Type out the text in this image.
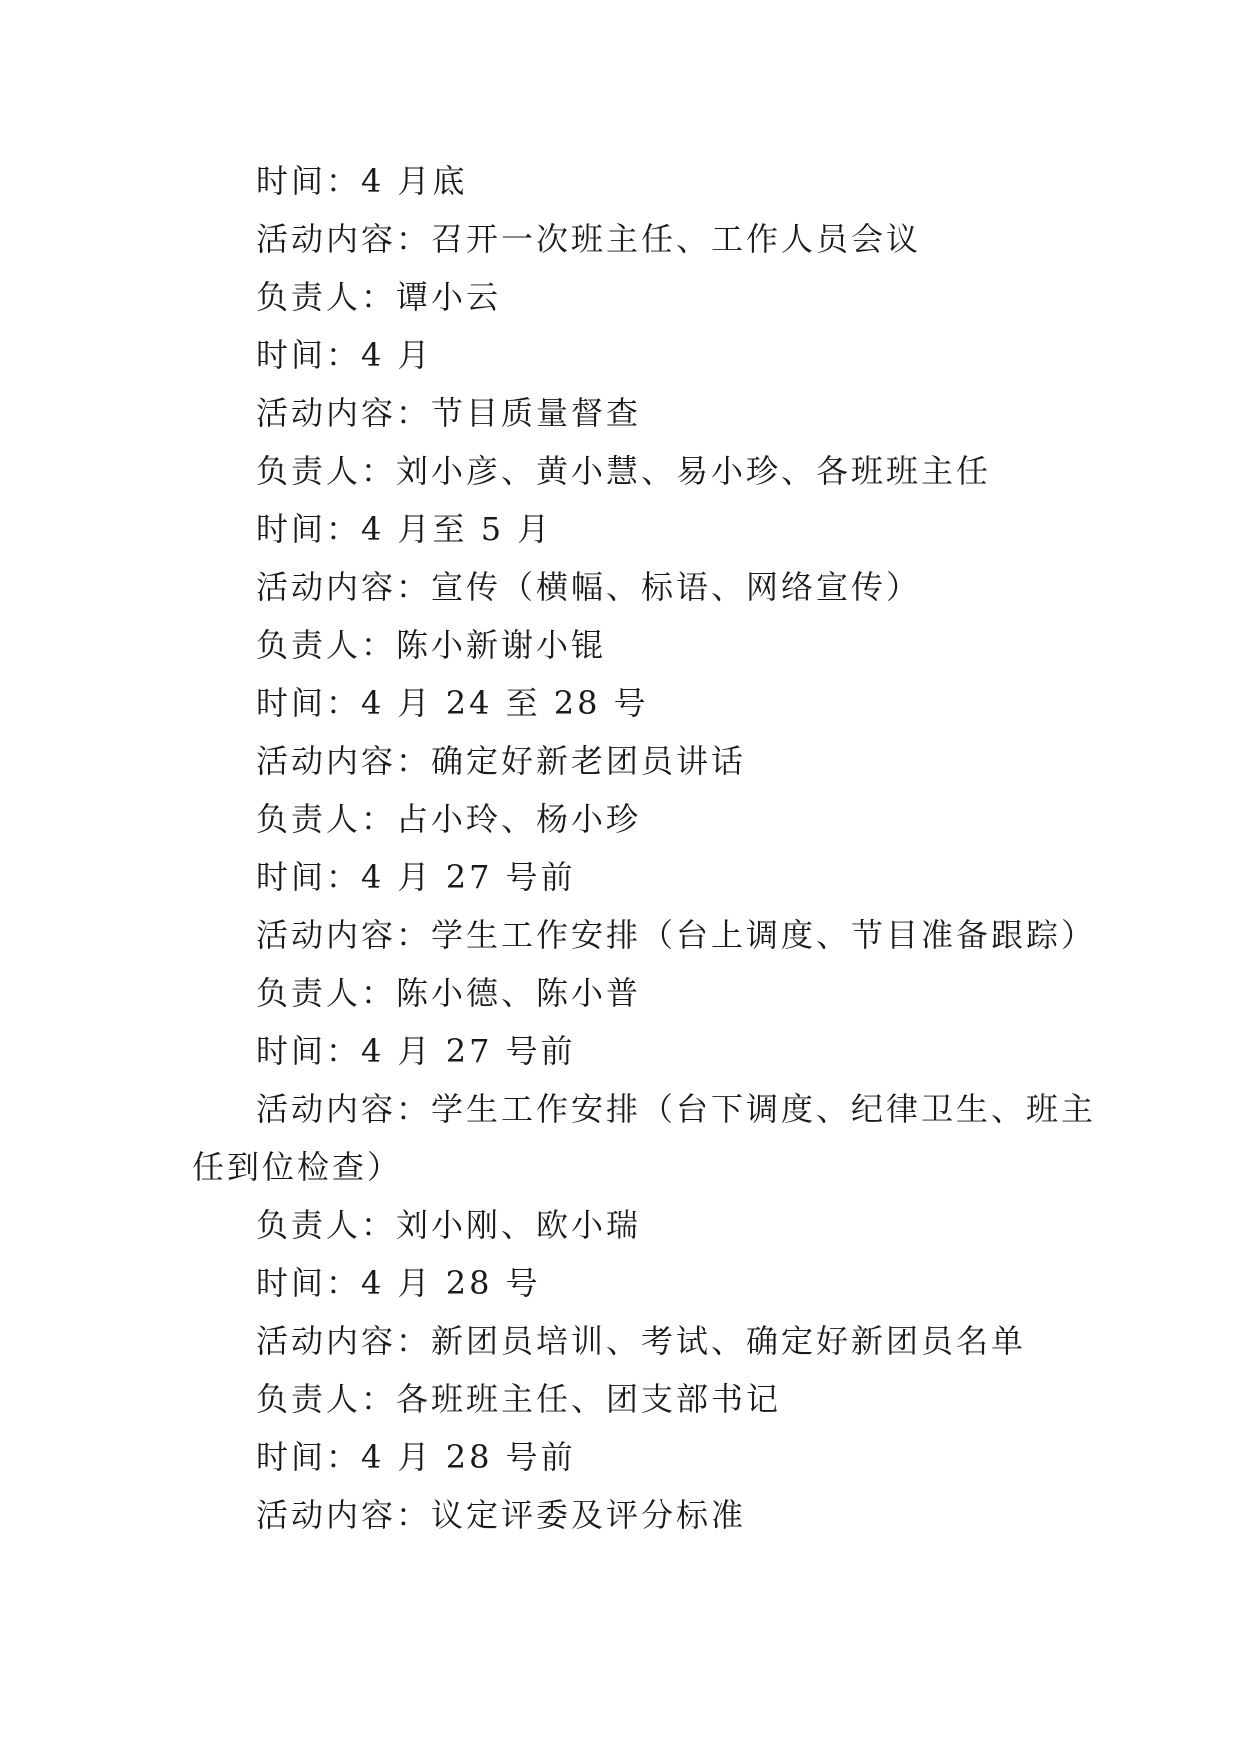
时间：4 月底

活动内容：召开一次班主任、工作人员会议

负责人：谭小云

时间：4 月

活动内容：节目质量督查

负责人：刘小彦、黄小慧、易小珍、各班班主任

时间：4 月至 5 月

活动内容：宣传（横幅、标语、网络宣传）

负责人：陈小新谢小锟

时间：4 月 24 至 28 号

活动内容：确定好新老团员讲话

负责人：占小玲、杨小珍

时间：4 月 27 号前

活动内容：学生工作安排（台上调度、节目准备跟踪）

负责人：陈小德、陈小普

时间：4 月 27 号前

活动内容：学生工作安排（台下调度、纪律卫生、班主

任到位检查）

负责人：刘小刚、欧小瑞

时间：4 月 28 号

活动内容：新团员培训、考试、确定好新团员名单

负责人：各班班主任、团支部书记

时间：4 月 28 号前

活动内容：议定评委及评分标准
